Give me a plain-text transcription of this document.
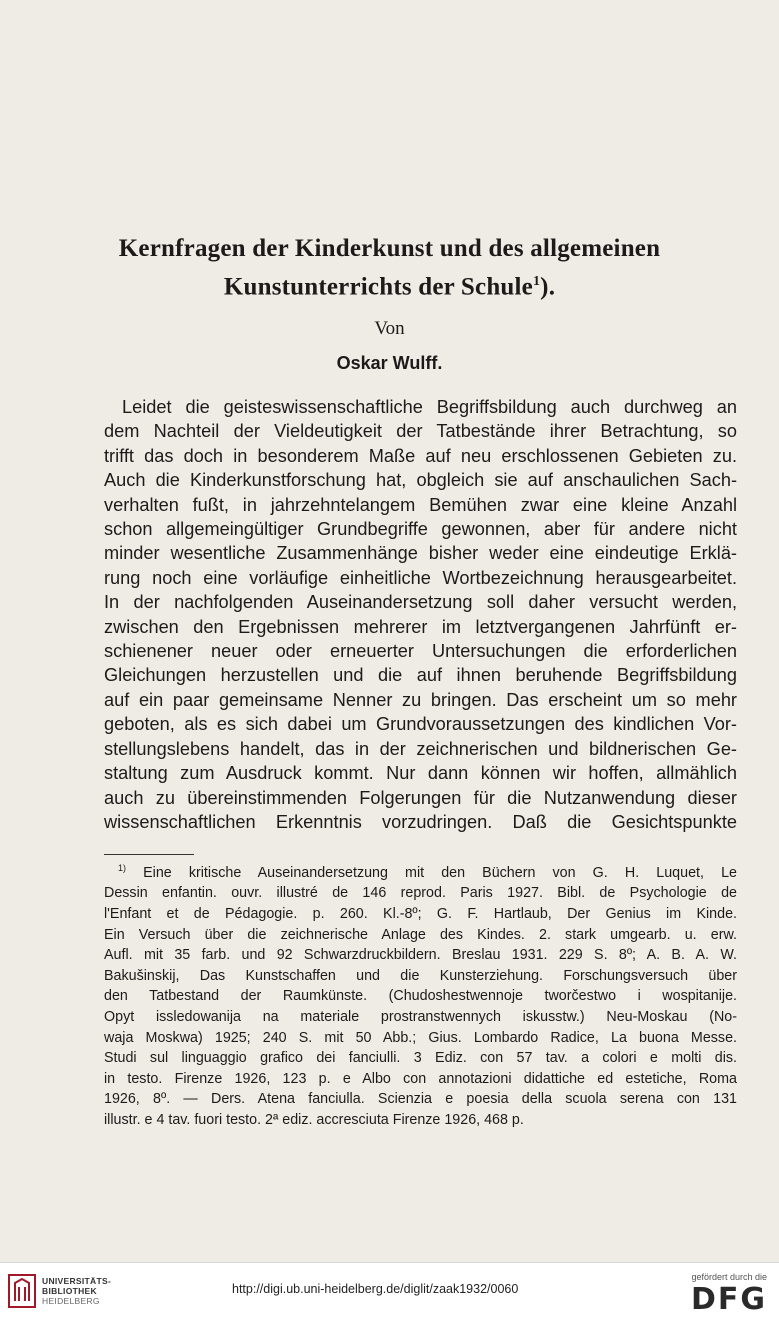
Kernfragen der Kinderkunst und des allgemeinen
Kunstunterrichts der Schule$^1$).
Von
Oskar Wulff.
Leidet die geisteswissenschaftliche Begriffsbildung auch durchweg an
dem Nachteil der Vieldeutigkeit der Tatbestände ihrer Betrachtung, so
trifft das doch in besonderem Maße auf neu erschlossenen Gebieten zu.
Auch die Kinderkunstforschung hat, obgleich sie auf anschaulichen Sach-
verhalten fußt, in jahrzehntelangem Bemühen zwar eine kleine Anzahl
schon allgemeingültiger Grundbegriffe gewonnen, aber für andere nicht
minder wesentliche Zusammenhänge bisher weder eine eindeutige Erklä-
rung noch eine vorläufige einheitliche Wortbezeichnung herausgearbeitet.
In der nachfolgenden Auseinandersetzung soll daher versucht werden,
zwischen den Ergebnissen mehrerer im letztvergangenen Jahrfünft er-
schienener neuer oder erneuerter Untersuchungen die erforderlichen
Gleichungen herzustellen und die auf ihnen beruhende Begriffsbildung
auf ein paar gemeinsame Nenner zu bringen. Das erscheint um so mehr
geboten, als es sich dabei um Grundvoraussetzungen des kindlichen Vor-
stellungslebens handelt, das in der zeichnerischen und bildnerischen Ge-
staltung zum Ausdruck kommt. Nur dann können wir hoffen, allmählich
auch zu übereinstimmenden Folgerungen für die Nutzanwendung dieser
wissenschaftlichen Erkenntnis vorzudringen. Daß die Gesichtspunkte
$^{1)}$ Eine kritische Auseinandersetzung mit den Büchern von G. H. Luquet, Le
Dessin enfantin. ouvr. illustré de 146 reprod. Paris 1927. Bibl. de Psychologie de
l'Enfant et de Pédagogie. p. 260. Kl.-8º; G. F. Hartlaub, Der Genius im Kinde.
Ein Versuch über die zeichnerische Anlage des Kindes. 2. stark umgearb. u. erw.
Aufl. mit 35 farb. und 92 Schwarzdruckbildern. Breslau 1931. 229 S. 8º; A. B. A. W.
Bakušinskij, Das Kunstschaffen und die Kunsterziehung. Forschungsversuch über
den Tatbestand der Raumkünste. (Chudoshestwennoje tworčestwo i wospitanije.
Opyt issledowanija na materiale prostranstwennych iskusstw.) Neu-Moskau (No-
waja Moskwa) 1925; 240 S. mit 50 Abb.; Gius. Lombardo Radice, La buona Messe.
Studi sul linguaggio grafico dei fanciulli. 3 Ediz. con 57 tav. a colori e molti dis.
in testo. Firenze 1926, 123 p. e Albo con annotazioni didattiche ed estetiche, Roma
1926, 8º. — Ders. Atena fanciulla. Scienzia e poesia della scuola serena con 131
illustr. e 4 tav. fuori testo. 2ª ediz. accresciuta Firenze 1926, 468 p.
UNIVERSITÄTS-
BIBLIOTHEK
HEIDELBERG
http://digi.ub.uni-heidelberg.de/diglit/zaak1932/0060
gefördert durch die
DFG
